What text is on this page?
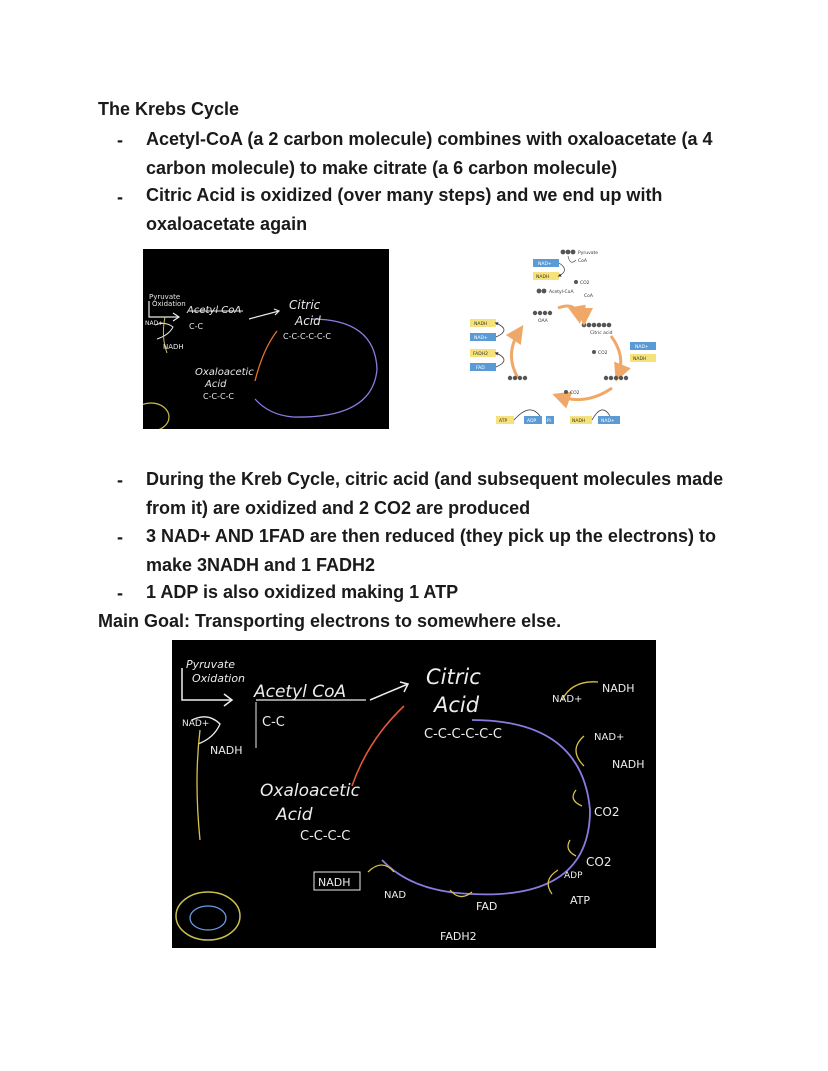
The Krebs Cycle
- Acetyl-CoA (a 2 carbon molecule) combines with oxaloacetate (a 4 carbon molecule) to make citrate (a 6 carbon molecule)
- Citric Acid is oxidized (over many steps) and we end up with oxaloacetate again
Pyruvate
Oxidation
Acetyl CoA
C-C
NAD+
NADH
Citric
Acid
C-C-C-C-C-C
Oxaloacetic
Acid
C-C-C-C
Pyruvate
CoA
NAD+
NADH
CO2
Acetyl-CoA
CoA
OAA
Citric acid
NADH
NAD+
FADH2
FAD
NAD+
NADH
CO2
CO2
ATP	ADP Pi	NADH	NAD+
- During the Kreb Cycle, citric acid (and subsequent molecules made from it) are oxidized and 2 CO2 are produced
- 3 NAD+ AND 1FAD are then reduced (they pick up the electrons) to make 3NADH and 1 FADH2
- 1 ADP is also oxidized making 1 ATP
Main Goal: Transporting electrons to somewhere else.
Pyruvate
Oxidation
Acetyl CoA
C-C
NAD+
NADH
Citric
Acid
C-C-C-C-C-C
Oxaloacetic
Acid
C-C-C-C
NAD+
NADH
NAD+
NADH
CO2
CO2
ADP
ATP
FAD
FADH2
NADH
NAD
